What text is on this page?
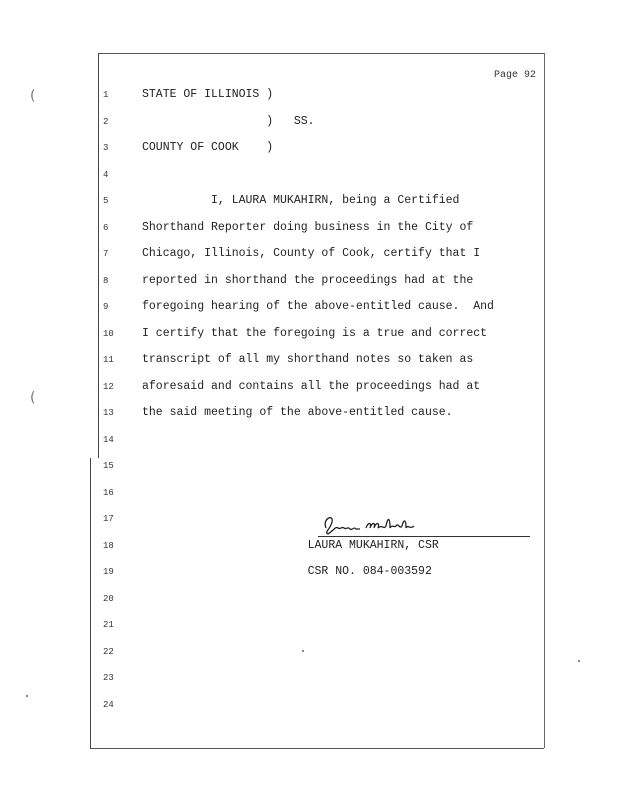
Page 92
1	STATE OF ILLINOIS )
2	)   SS.
3	COUNTY OF COOK    )
4
5	I, LAURA MUKAHIRN, being a Certified
6	Shorthand Reporter doing business in the City of
7	Chicago, Illinois, County of Cook, certify that I
8	reported in shorthand the proceedings had at the
9	foregoing hearing of the above-entitled cause.  And
10	I certify that the foregoing is a true and correct
11	transcript of all my shorthand notes so taken as
12	aforesaid and contains all the proceedings had at
13	the said meeting of the above-entitled cause.
14
15
16
17
18	LAURA MUKAHIRN, CSR
19	CSR NO. 084-003592
20
21
22
23
24
(
(
